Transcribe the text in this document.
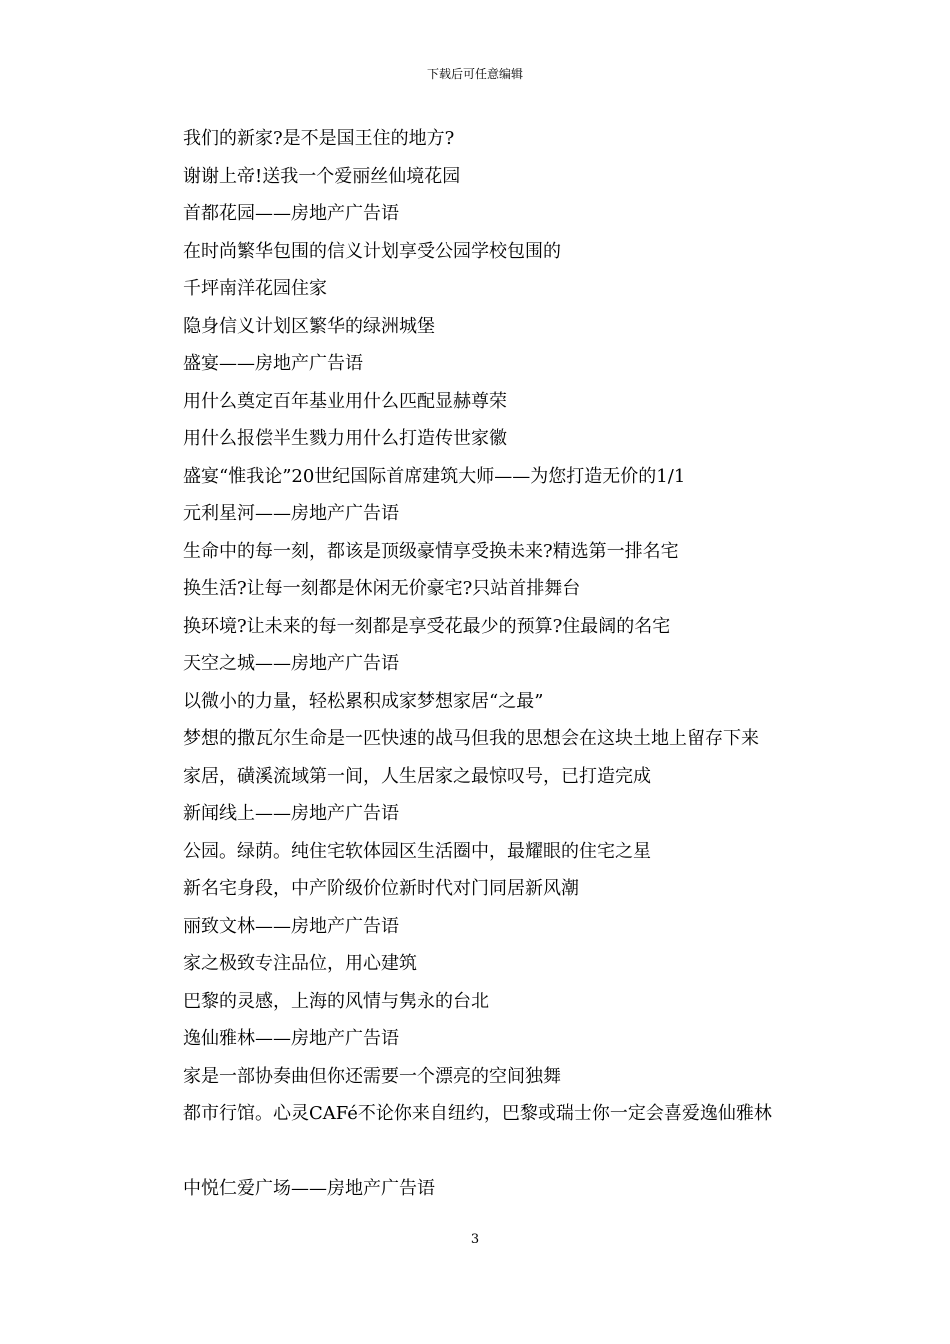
下载后可任意编辑
我们的新家?是不是国王住的地方?
谢谢上帝!送我一个爱丽丝仙境花园
首都花园——房地产广告语
在时尚繁华包围的信义计划享受公园学校包围的
千坪南洋花园住家
隐身信义计划区繁华的绿洲城堡
盛宴——房地产广告语
用什么奠定百年基业用什么匹配显赫尊荣
用什么报偿半生戮力用什么打造传世家徽
盛宴“惟我论”20世纪国际首席建筑大师——为您打造无价的1/1
元利星河——房地产广告语
生命中的每一刻，都该是顶级豪情享受换未来?精选第一排名宅
换生活?让每一刻都是休闲无价豪宅?只站首排舞台
换环境?让未来的每一刻都是享受花最少的预算?住最阔的名宅
天空之城——房地产广告语
以微小的力量，轻松累积成家梦想家居“之最”
梦想的撒瓦尔生命是一匹快速的战马但我的思想会在这块土地上留存下来
家居，磺溪流域第一间，人生居家之最惊叹号，已打造完成
新闻线上——房地产广告语
公园。绿荫。纯住宅软体园区生活圈中，最耀眼的住宅之星
新名宅身段，中产阶级价位新时代对门同居新风潮
丽致文林——房地产广告语
家之极致专注品位，用心建筑
巴黎的灵感，上海的风情与隽永的台北
逸仙雅林——房地产广告语
家是一部协奏曲但你还需要一个漂亮的空间独舞
都市行馆。心灵CAFé不论你来自纽约，巴黎或瑞士你一定会喜爱逸仙雅林
中悦仁爱广场——房地产广告语
3
